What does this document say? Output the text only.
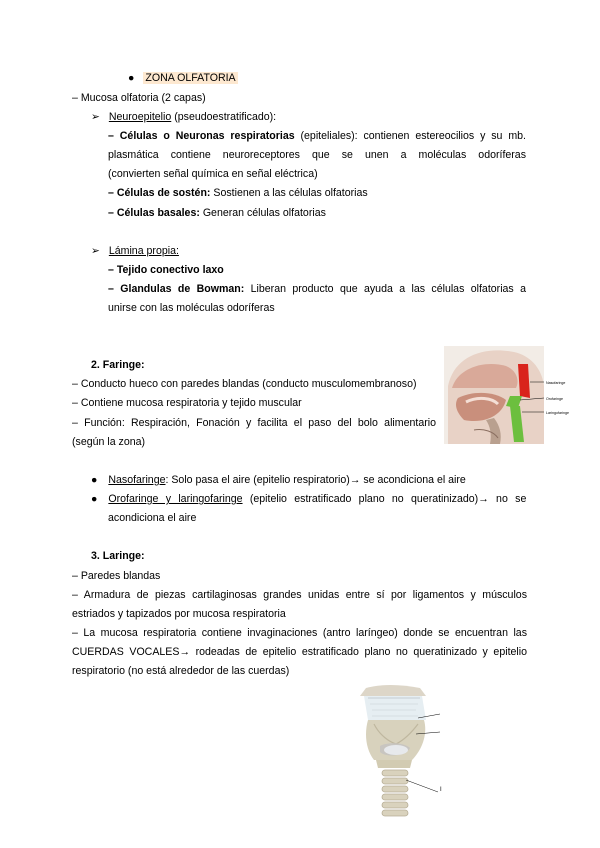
● ZONA OLFATORIA
– Mucosa olfatoria (2 capas)
➢ Neuroepitelio (pseudoestratificado):
– Células o Neuronas respiratorias (epiteliales): contienen estereocilios y su mb.
plasmática contiene neuroreceptores que se unen a moléculas odoríferas
(convierten señal química en señal eléctrica)
– Células de sostén: Sostienen a las células olfatorias
– Células basales: Generan células olfatorias
➢ Lámina propia:
– Tejido conectivo laxo
– Glandulas de Bowman: Liberan producto que ayuda a las células olfatorias a
unirse con las moléculas odoríferas
2. Faringe:
– Conducto hueco con paredes blandas (conducto musculomembranoso)
– Contiene mucosa respiratoria y tejido muscular
– Función: Respiración, Fonación y facilita el paso del bolo alimentario
(según la zona)
Nasofaringe
Orofaringe
Laringofaringe
● Nasofaringe: Solo pasa el aire (epitelio respiratorio)→ se acondiciona el aire
● Orofaringe y laringofaringe (epitelio estratificado plano no queratinizado)→ no se
acondiciona el aire
3. Laringe:
– Paredes blandas
– Armadura de piezas cartilaginosas grandes unidas entre sí por ligamentos y músculos
estriados y tapizados por mucosa respiratoria
– La mucosa respiratoria contiene invaginaciones (antro laríngeo) donde se encuentran las
CUERDAS VOCALES→ rodeadas de epitelio estratificado plano no queratinizado y epitelio
respiratorio (no está alrededor de las cuerdas)
I
